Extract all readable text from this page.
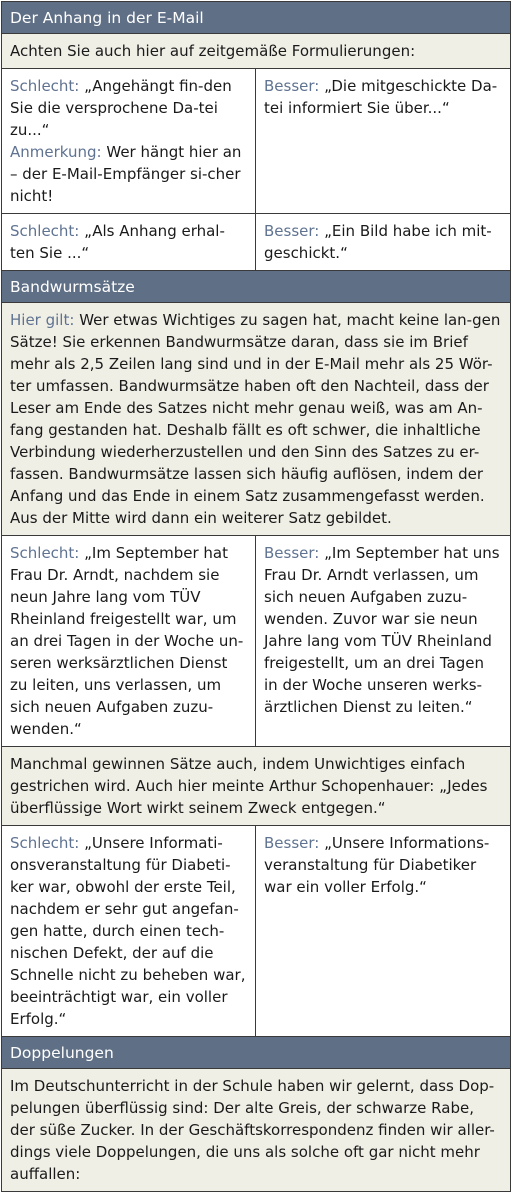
Der Anhang in der E-Mail
Achten Sie auch hier auf zeitgemäße Formulierungen:
Schlecht: „Angehängt fin-den Sie die versprochene Da-tei zu...“
Anmerkung: Wer hängt hier an – der E-Mail-Empfänger si-cher nicht!
Besser: „Die mitgeschickte Da-tei informiert Sie über...“
Schlecht: „Als Anhang erhal-ten Sie ...“
Besser: „Ein Bild habe ich mit-geschickt.“
Bandwurmsätze
Hier gilt: Wer etwas Wichtiges zu sagen hat, macht keine lan-gen Sätze! Sie erkennen Bandwurmsätze daran, dass sie im Brief mehr als 2,5 Zeilen lang sind und in der E-Mail mehr als 25 Wör-ter umfassen. Bandwurmsätze haben oft den Nachteil, dass der Leser am Ende des Satzes nicht mehr genau weiß, was am An-fang gestanden hat. Deshalb fällt es oft schwer, die inhaltliche Verbindung wiederherzustellen und den Sinn des Satzes zu er-fassen. Bandwurmsätze lassen sich häufig auflösen, indem der Anfang und das Ende in einem Satz zusammengefasst werden. Aus der Mitte wird dann ein weiterer Satz gebildet.
Schlecht: „Im September hat Frau Dr. Arndt, nachdem sie neun Jahre lang vom TÜV Rheinland freigestellt war, um an drei Tagen in der Woche un-seren werksärztlichen Dienst zu leiten, uns verlassen, um sich neuen Aufgaben zuzu-wenden.“
Besser: „Im September hat uns Frau Dr. Arndt verlassen, um sich neuen Aufgaben zuzu-wenden. Zuvor war sie neun Jahre lang vom TÜV Rheinland freigestellt, um an drei Tagen in der Woche unseren werks-ärztlichen Dienst zu leiten.“
Manchmal gewinnen Sätze auch, indem Unwichtiges einfach gestrichen wird. Auch hier meinte Arthur Schopenhauer: „Jedes überflüssige Wort wirkt seinem Zweck entgegen.“
Schlecht: „Unsere Informati-onsveranstaltung für Diabeti-ker war, obwohl der erste Teil, nachdem er sehr gut angefan-gen hatte, durch einen tech-nischen Defekt, der auf die Schnelle nicht zu beheben war, beeinträchtigt war, ein voller Erfolg.“
Besser: „Unsere Informations-veranstaltung für Diabetiker war ein voller Erfolg.“
Doppelungen
Im Deutschunterricht in der Schule haben wir gelernt, dass Dop-pelungen überflüssig sind: Der alte Greis, der schwarze Rabe, der süße Zucker. In der Geschäftskorrespondenz finden wir aller-dings viele Doppelungen, die uns als solche oft gar nicht mehr auffallen:
